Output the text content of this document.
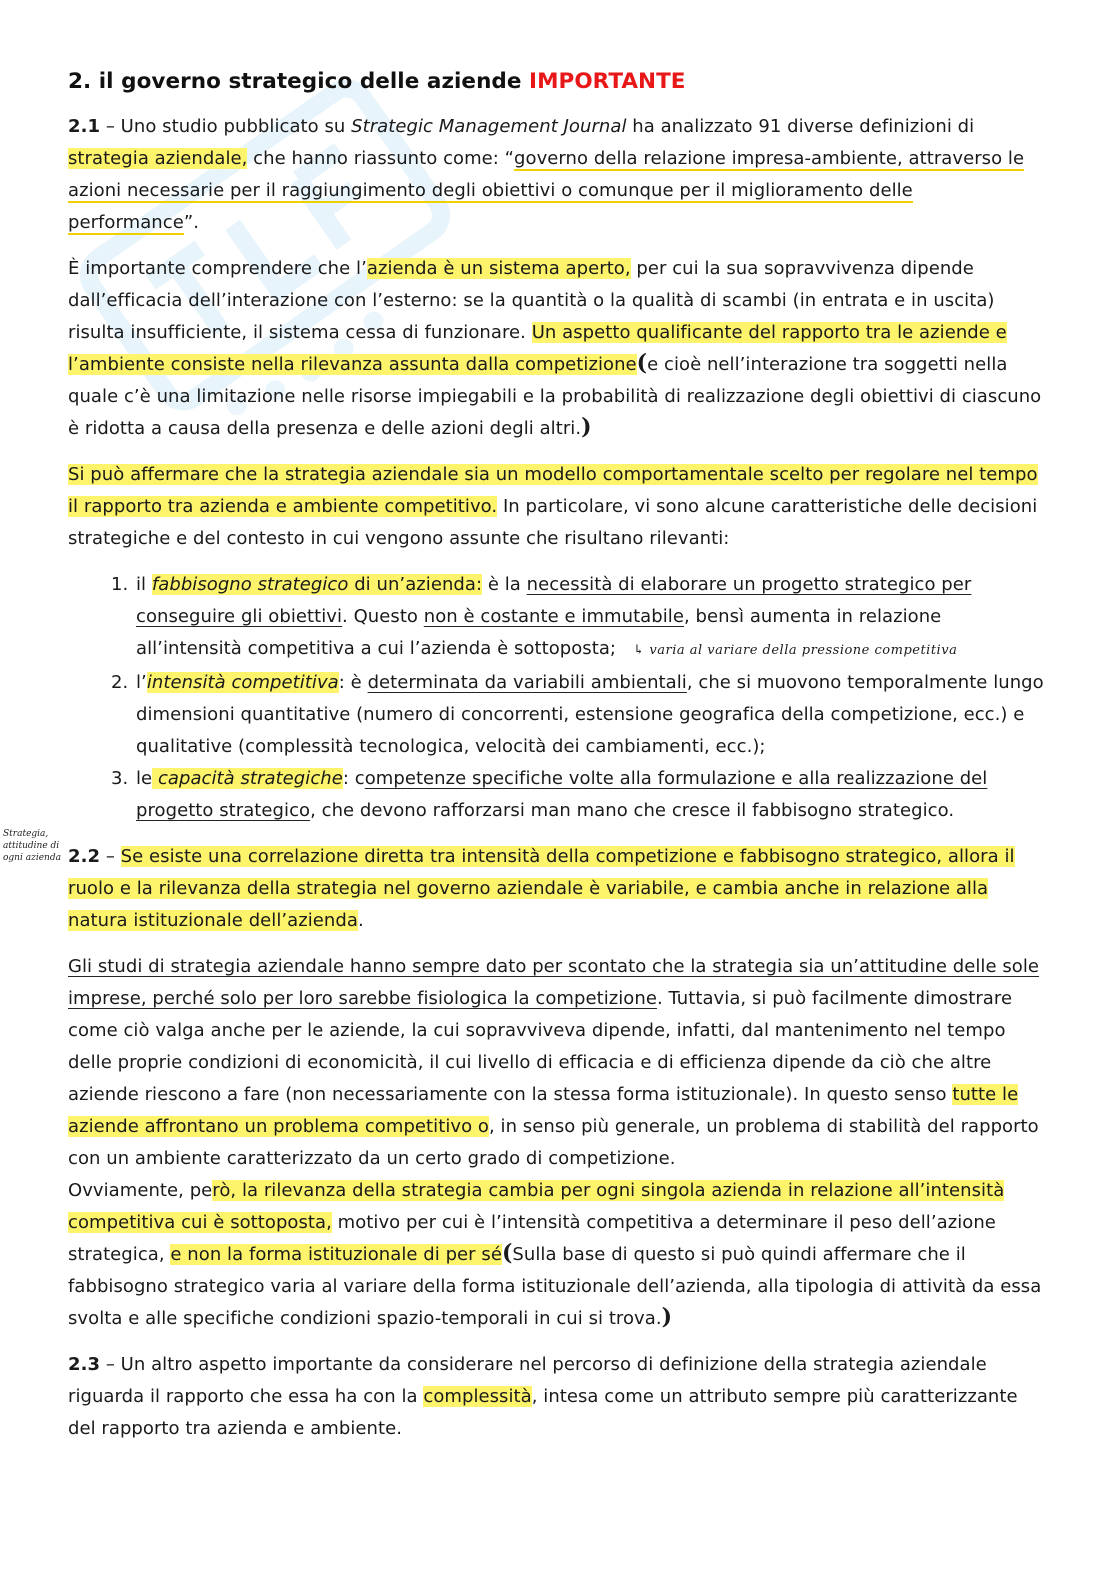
Strategia, attitudine di ogni azienda
2. il governo strategico delle aziende IMPORTANTE

2.1 – Uno studio pubblicato su Strategic Management Journal ha analizzato 91 diverse definizioni di strategia aziendale, che hanno riassunto come: “governo della relazione impresa-ambiente, attraverso le azioni necessarie per il raggiungimento degli obiettivi o comunque per il miglioramento delle performance”.

È importante comprendere che l’azienda è un sistema aperto, per cui la sua sopravvivenza dipende dall’efficacia dell’interazione con l’esterno: se la quantità o la qualità di scambi (in entrata e in uscita) risulta insufficiente, il sistema cessa di funzionare. Un aspetto qualificante del rapporto tra le aziende e l’ambiente consiste nella rilevanza assunta dalla competizione(e cioè nell’interazione tra soggetti nella quale c’è una limitazione nelle risorse impiegabili e la probabilità di realizzazione degli obiettivi di ciascuno è ridotta a causa della presenza e delle azioni degli altri.)

Si può affermare che la strategia aziendale sia un modello comportamentale scelto per regolare nel tempo il rapporto tra azienda e ambiente competitivo. In particolare, vi sono alcune caratteristiche delle decisioni strategiche e del contesto in cui vengono assunte che risultano rilevanti:

1. il fabbisogno strategico di un’azienda: è la necessità di elaborare un progetto strategico per conseguire gli obiettivi. Questo non è costante e immutabile, bensì aumenta in relazione all’intensità competitiva a cui l’azienda è sottoposta; ↳ varia al variare della pressione competitiva
2. l’intensità competitiva: è determinata da variabili ambientali, che si muovono temporalmente lungo dimensioni quantitative (numero di concorrenti, estensione geografica della competizione, ecc.) e qualitative (complessità tecnologica, velocità dei cambiamenti, ecc.);
3. le capacità strategiche: competenze specifiche volte alla formulazione e alla realizzazione del progetto strategico, che devono rafforzarsi man mano che cresce il fabbisogno strategico.

2.2 – Se esiste una correlazione diretta tra intensità della competizione e fabbisogno strategico, allora il ruolo e la rilevanza della strategia nel governo aziendale è variabile, e cambia anche in relazione alla natura istituzionale dell’azienda.

Gli studi di strategia aziendale hanno sempre dato per scontato che la strategia sia un’attitudine delle sole imprese, perché solo per loro sarebbe fisiologica la competizione. Tuttavia, si può facilmente dimostrare come ciò valga anche per le aziende, la cui sopravviveva dipende, infatti, dal mantenimento nel tempo delle proprie condizioni di economicità, il cui livello di efficacia e di efficienza dipende da ciò che altre aziende riescono a fare (non necessariamente con la stessa forma istituzionale). In questo senso tutte le aziende affrontano un problema competitivo o, in senso più generale, un problema di stabilità del rapporto con un ambiente caratterizzato da un certo grado di competizione.
Ovviamente, però, la rilevanza della strategia cambia per ogni singola azienda in relazione all’intensità competitiva cui è sottoposta, motivo per cui è l’intensità competitiva a determinare il peso dell’azione strategica, e non la forma istituzionale di per sé(Sulla base di questo si può quindi affermare che il fabbisogno strategico varia al variare della forma istituzionale dell’azienda, alla tipologia di attività da essa svolta e alle specifiche condizioni spazio-temporali in cui si trova.)

2.3 – Un altro aspetto importante da considerare nel percorso di definizione della strategia aziendale riguarda il rapporto che essa ha con la complessità, intesa come un attributo sempre più caratterizzante del rapporto tra azienda e ambiente.
